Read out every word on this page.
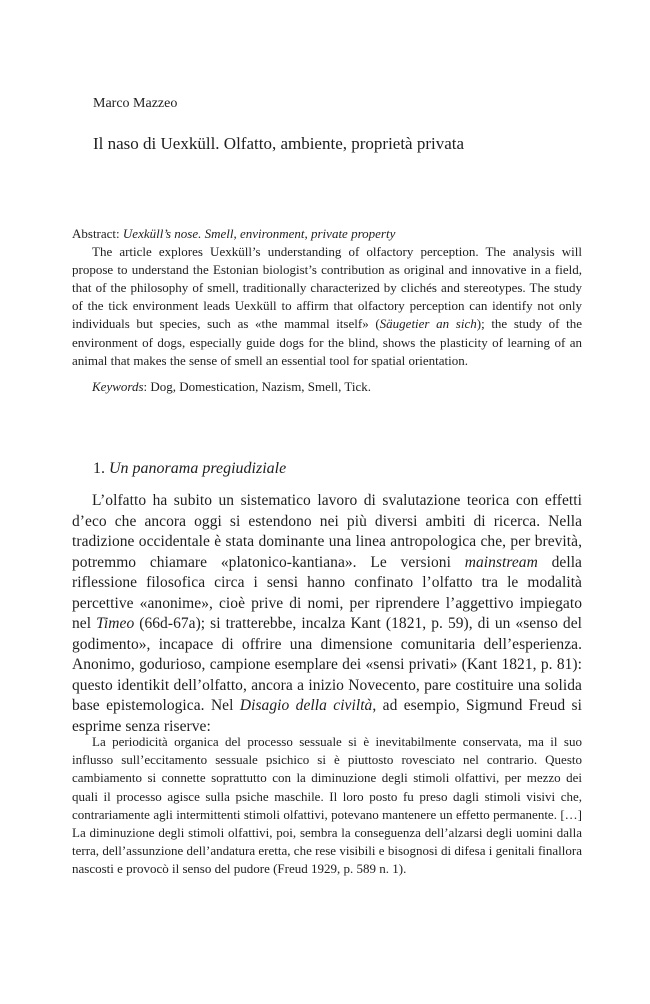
Marco Mazzeo
Il naso di Uexküll. Olfatto, ambiente, proprietà privata
Abstract: Uexküll’s nose. Smell, environment, private property

The article explores Uexküll’s understanding of olfactory perception. The analysis will propose to understand the Estonian biologist’s contribution as original and innovative in a field, that of the philosophy of smell, traditionally characterized by clichés and stereotypes. The study of the tick environment leads Uexküll to affirm that olfactory perception can identify not only individuals but species, such as «the mammal itself» (Säugetier an sich); the study of the environment of dogs, especially guide dogs for the blind, shows the plasticity of learning of an animal that makes the sense of smell an essential tool for spatial orientation.

Keywords: Dog, Domestication, Nazism, Smell, Tick.

1. Un panorama pregiudiziale

L’olfatto ha subito un sistematico lavoro di svalutazione teorica con effetti d’eco che ancora oggi si estendono nei più diversi ambiti di ricerca. Nella tradizione occidentale è stata dominante una linea antropologica che, per brevità, potremmo chiamare «platonico-kantiana». Le versioni mainstream della riflessione filosofica circa i sensi hanno confinato l’olfatto tra le modalità percettive «anonime», cioè prive di nomi, per riprendere l’aggettivo impiegato nel Timeo (66d-67a); si tratterebbe, incalza Kant (1821, p. 59), di un «senso del godimento», incapace di offrire una dimensione comunitaria dell’esperienza. Anonimo, godurioso, campione esemplare dei «sensi privati» (Kant 1821, p. 81): questo identikit dell’olfatto, ancora a inizio Novecento, pare costituire una solida base epistemologica. Nel Disagio della civiltà, ad esempio, Sigmund Freud si esprime senza riserve:

La periodicità organica del processo sessuale si è inevitabilmente conservata, ma il suo influsso sull’eccitamento sessuale psichico si è piuttosto rovesciato nel contrario. Questo cambiamento si connette soprattutto con la diminuzione degli stimoli olfattivi, per mezzo dei quali il processo agisce sulla psiche maschile. Il loro posto fu preso dagli stimoli visivi che, contrariamente agli intermittenti stimoli olfattivi, potevano mantenere un effetto permanente. […] La diminuzione degli stimoli olfattivi, poi, sembra la conseguenza dell’alzarsi degli uomini dalla terra, dell’assunzione dell’andatura eretta, che rese visibili e bisognosi di difesa i genitali finallora nascosti e provocò il senso del pudore (Freud 1929, p. 589 n. 1).
